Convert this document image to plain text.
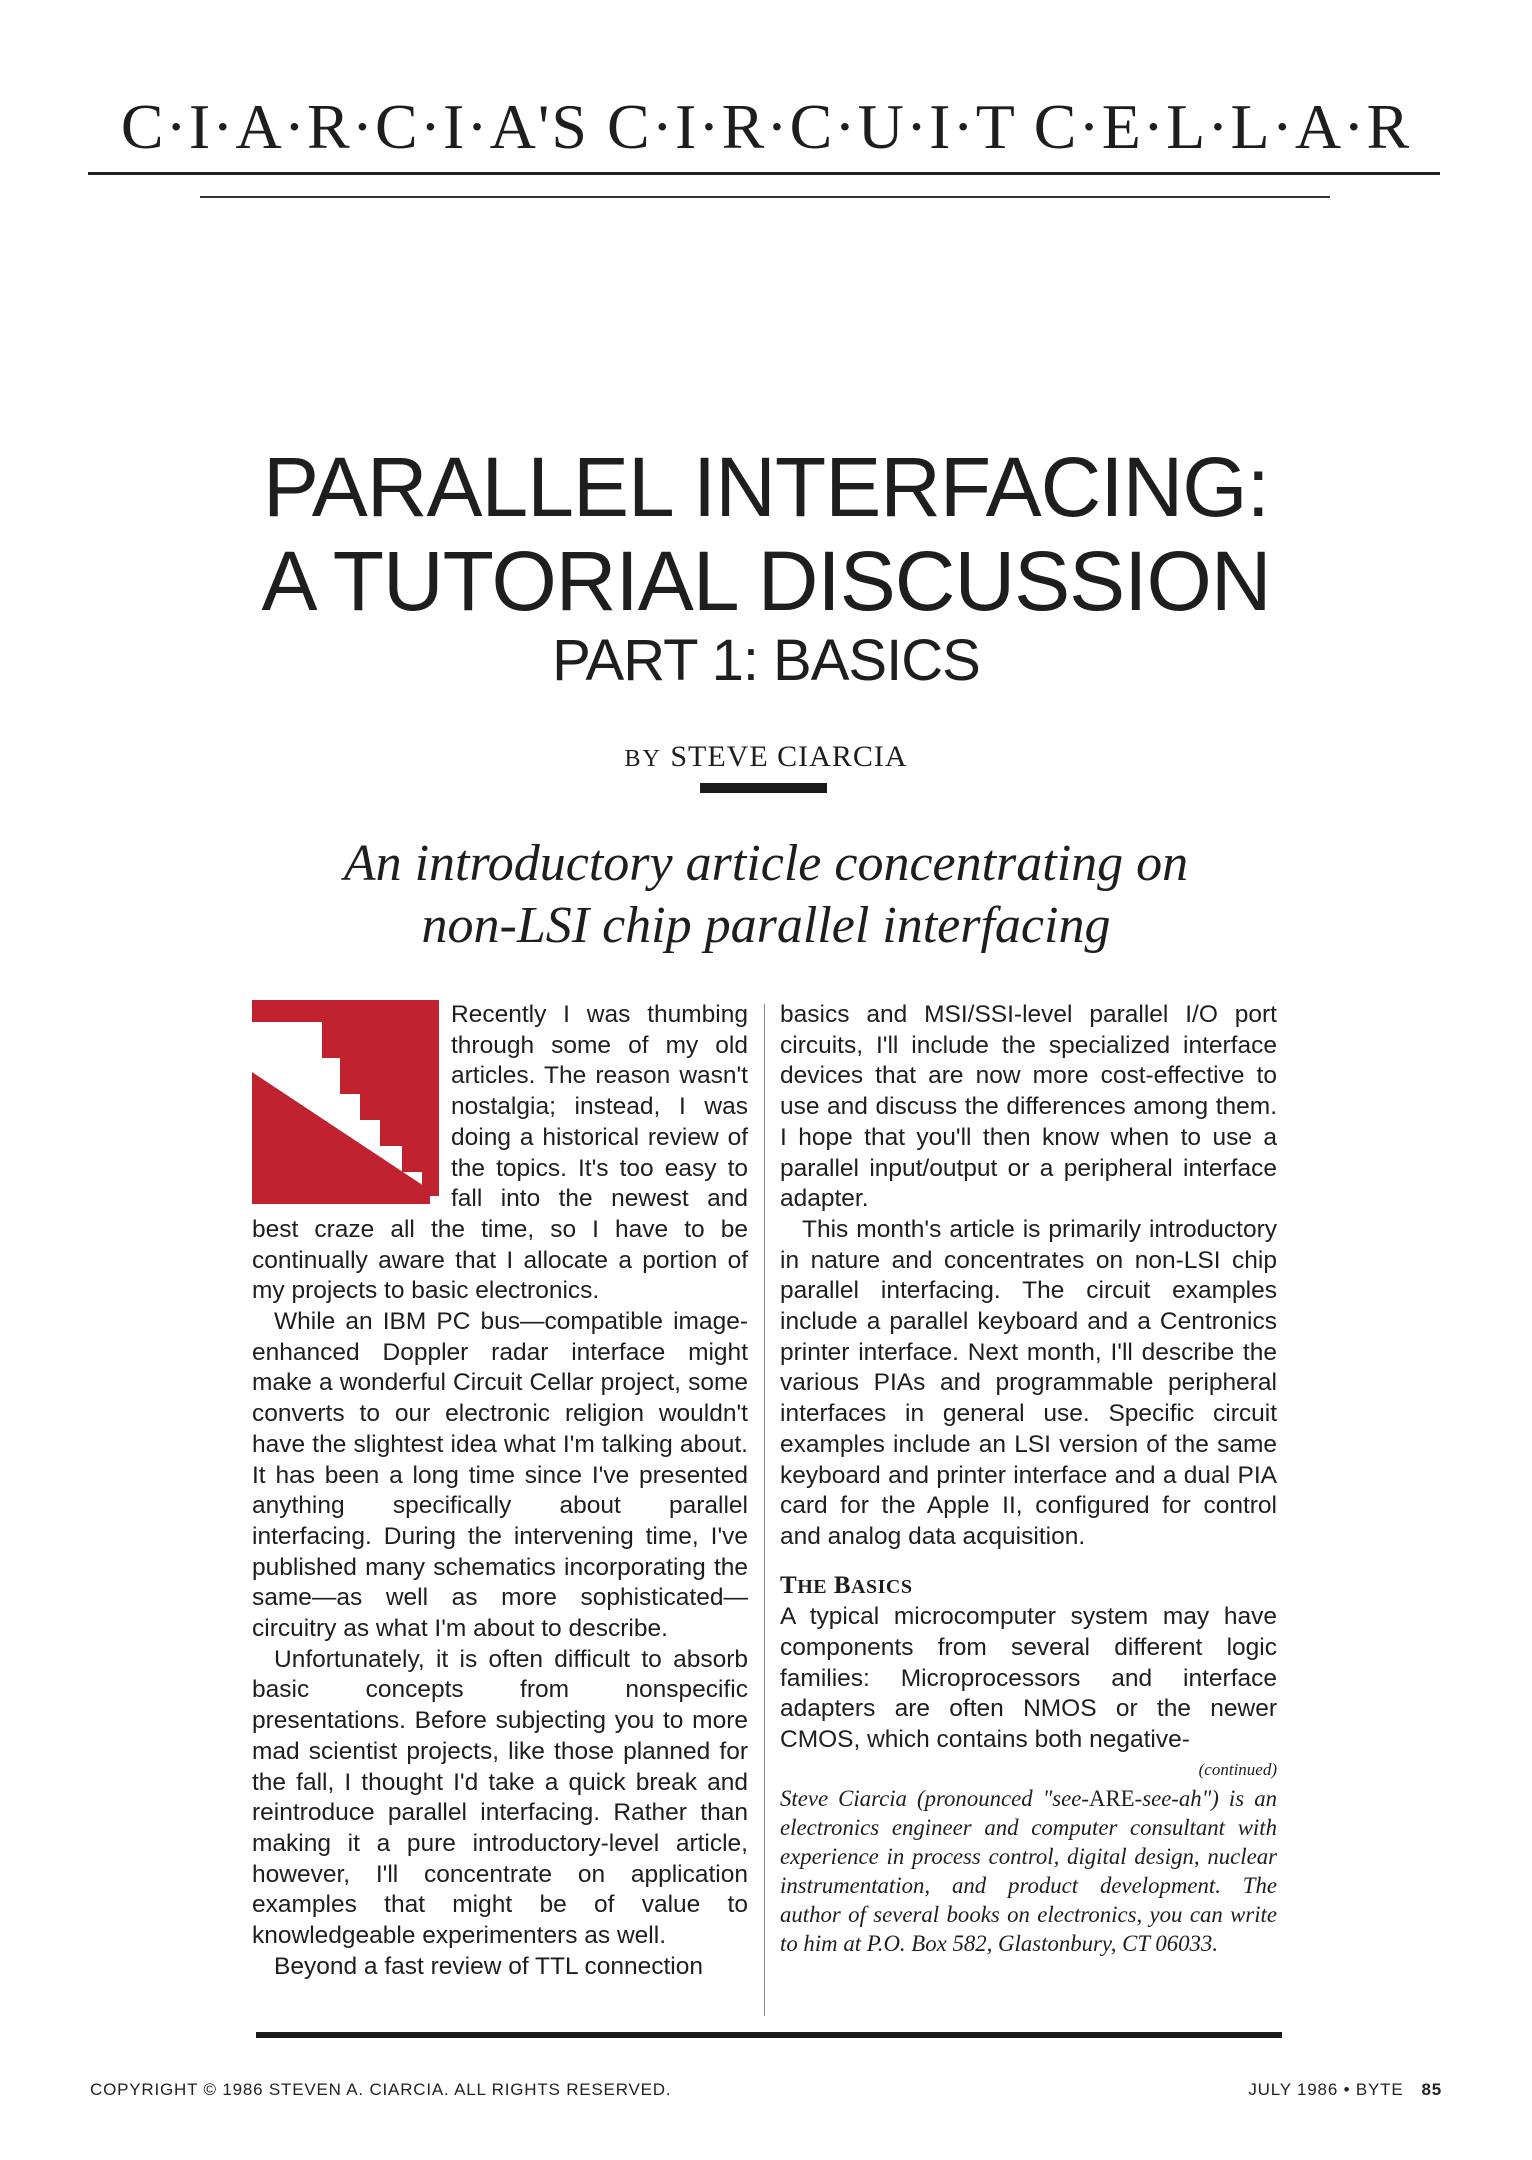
C·I·A·R·C·I·A'S C·I·R·C·U·I·T C·E·L·L·A·R
PARALLEL INTERFACING:
A TUTORIAL DISCUSSION
PART 1: BASICS
BY STEVE CIARCIA
An introductory article concentrating on
non-LSI chip parallel interfacing

Recently I was thumbing through some of my old articles. The reason wasn't nostalgia; instead, I was doing a historical review of the topics. It's too easy to fall into the newest and best craze all the time, so I have to be continually aware that I allocate a portion of my projects to basic electronics.

While an IBM PC bus—compatible image-enhanced Doppler radar interface might make a wonderful Circuit Cellar project, some converts to our electronic religion wouldn't have the slightest idea what I'm talking about. It has been a long time since I've presented anything specifically about parallel interfacing. During the intervening time, I've published many schematics incorporating the same—as well as more sophisticated—circuitry as what I'm about to describe.

Unfortunately, it is often difficult to absorb basic concepts from nonspecific presentations. Before subjecting you to more mad scientist projects, like those planned for the fall, I thought I'd take a quick break and reintroduce parallel interfacing. Rather than making it a pure introductory-level article, however, I'll concentrate on application examples that might be of value to knowledgeable experimenters as well.

Beyond a fast review of TTL connection

basics and MSI/SSI-level parallel I/O port circuits, I'll include the specialized interface devices that are now more cost-effective to use and discuss the differences among them. I hope that you'll then know when to use a parallel input/output or a peripheral interface adapter.

This month's article is primarily introductory in nature and concentrates on non-LSI chip parallel interfacing. The circuit examples include a parallel keyboard and a Centronics printer interface. Next month, I'll describe the various PIAs and programmable peripheral interfaces in general use. Specific circuit examples include an LSI version of the same keyboard and printer interface and a dual PIA card for the Apple II, configured for control and analog data acquisition.

THE BASICS

A typical microcomputer system may have components from several different logic families: Microprocessors and interface adapters are often NMOS or the newer CMOS, which contains both negative-

(continued)
Steve Ciarcia (pronounced "see-ARE-see-ah") is an electronics engineer and computer consultant with experience in process control, digital design, nuclear instrumentation, and product development. The author of several books on electronics, you can write to him at P.O. Box 582, Glastonbury, CT 06033.
COPYRIGHT © 1986 STEVEN A. CIARCIA. ALL RIGHTS RESERVED.	JULY 1986 • BYTE 85
